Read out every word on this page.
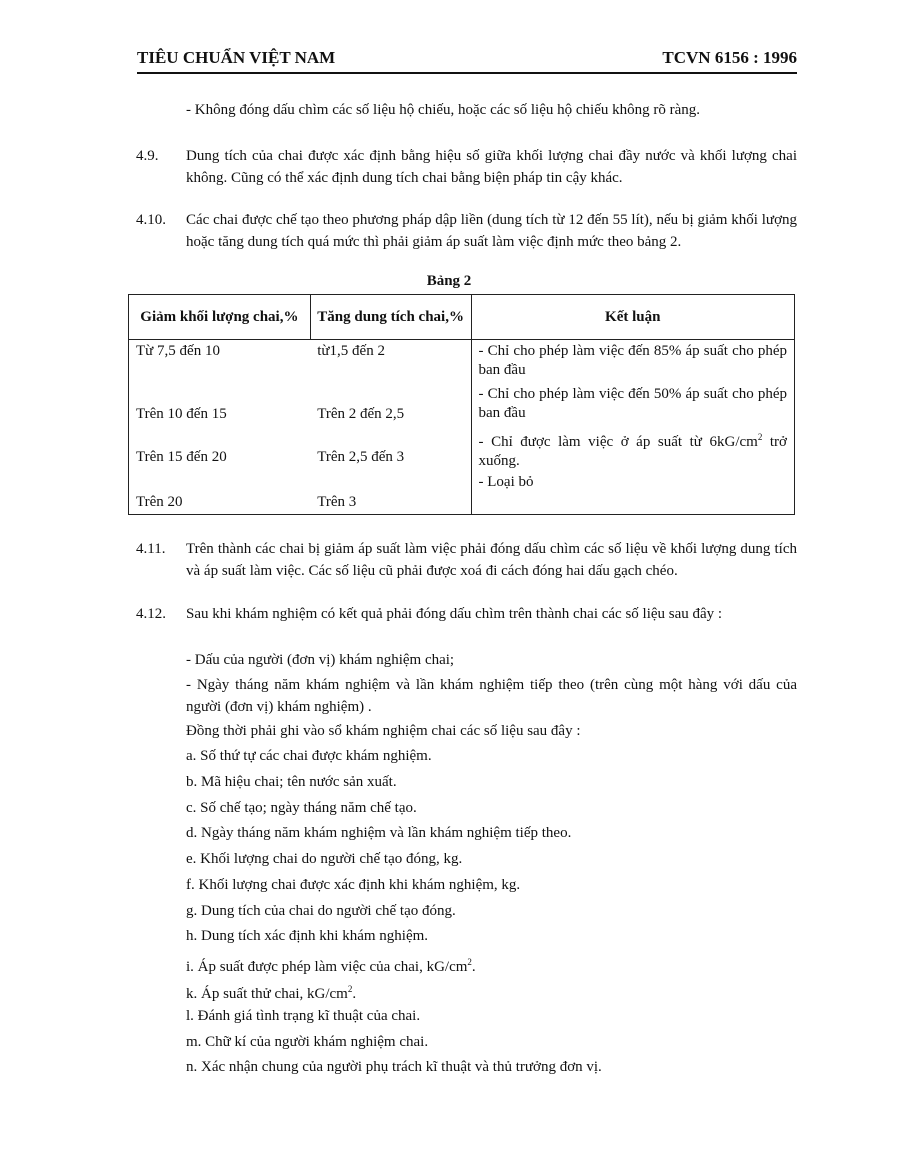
TIÊU CHUẨN VIỆT NAM	TCVN 6156 : 1996
- Không đóng dấu chìm các số liệu hộ chiếu, hoặc các số liệu hộ chiếu không rõ ràng.
4.9. Dung tích của chai được xác định bằng hiệu số giữa khối lượng chai đầy nước và khối lượng chai không. Cũng có thể xác định dung tích chai bằng biện pháp tin cậy khác.
4.10. Các chai được chế tạo theo phương pháp dập liền (dung tích từ 12 đến 55 lít), nếu bị giảm khối lượng hoặc tăng dung tích quá mức thì phải giảm áp suất làm việc định mức theo bảng 2.
Bảng 2
Giảm khối lượng chai,%	Tăng dung tích chai,%	Kết luận
Từ 7,5 đến 10	từ1,5 đến 2	- Chỉ cho phép làm việc đến 85% áp suất cho phép ban đầu

Trên 10 đến 15	Trên 2 đến 2,5	- Chỉ cho phép làm việc đến 50% áp suất cho phép ban đầu

Trên 15 đến 20	Trên 2,5 đến 3	- Chỉ được làm việc ở áp suất từ $6kG/cm^2$ trở xuống.

Trên 20	Trên 3	- Loại bỏ
4.11. Trên thành các chai bị giảm áp suất làm việc phải đóng dấu chìm các số liệu về khối lượng dung tích và áp suất làm việc. Các số liệu cũ phải được xoá đi cách đóng hai dấu gạch chéo.
4.12. Sau khi khám nghiệm có kết quả phải đóng dấu chìm trên thành chai các số liệu sau đây :
- Dấu của người (đơn vị) khám nghiệm chai;
- Ngày tháng năm khám nghiệm và lần khám nghiệm tiếp theo (trên cùng một hàng với dấu của người (đơn vị) khám nghiệm) .
Đồng thời phải ghi vào sổ khám nghiệm chai các số liệu sau đây :
a. Số thứ tự các chai được khám nghiệm.
b. Mã hiệu chai; tên nước sản xuất.
c. Số chế tạo; ngày tháng năm chế tạo.
d. Ngày tháng năm khám nghiệm và lần khám nghiệm tiếp theo.
e. Khối lượng chai do người chế tạo đóng, kg.
f. Khối lượng chai được xác định khi khám nghiệm, kg.
g. Dung tích của chai do người chế tạo đóng.
h. Dung tích xác định khi khám nghiệm.
i. Áp suất được phép làm việc của chai, $kG/cm^2$.
k. Áp suất thử chai, $kG/cm^2$.
l. Đánh giá tình trạng kĩ thuật của chai.
m. Chữ kí của người khám nghiệm chai.
n. Xác nhận chung của người phụ trách kĩ thuật và thủ trưởng đơn vị.
